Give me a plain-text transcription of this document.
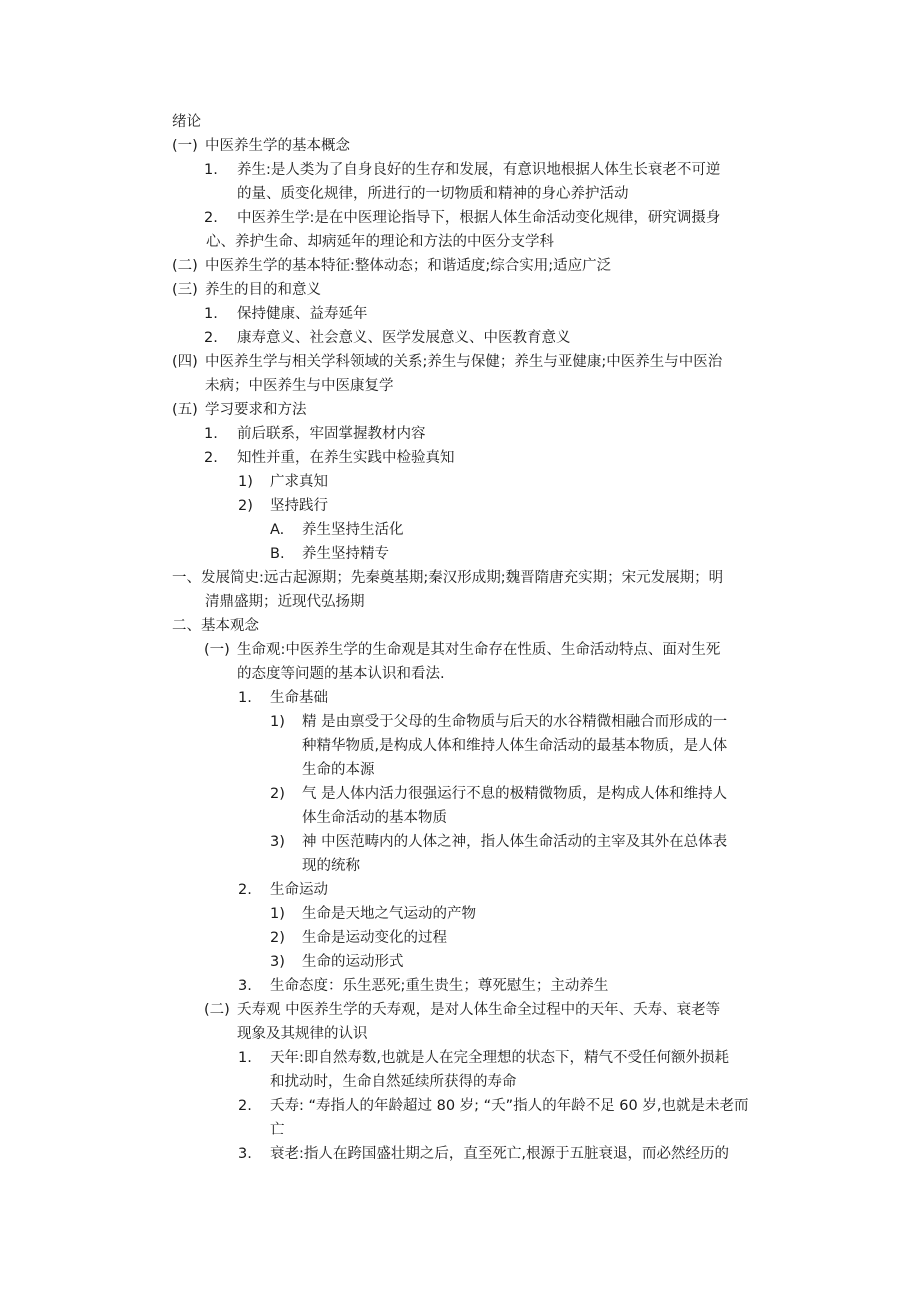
绪论
(一) 中医养生学的基本概念
1. 养生:是人类为了自身良好的生存和发展，有意识地根据人体生长衰老不可逆
的量、质变化规律，所进行的一切物质和精神的身心养护活动
2. 中医养生学:是在中医理论指导下，根据人体生命活动变化规律，研究调摄身
心、养护生命、却病延年的理论和方法的中医分支学科
(二) 中医养生学的基本特征:整体动态；和谐适度;综合实用;适应广泛
(三) 养生的目的和意义
1. 保持健康、益寿延年
2. 康寿意义、社会意义、医学发展意义、中医教育意义
(四) 中医养生学与相关学科领域的关系;养生与保健；养生与亚健康;中医养生与中医治
未病；中医养生与中医康复学
(五) 学习要求和方法
1. 前后联系，牢固掌握教材内容
2. 知性并重，在养生实践中检验真知
1) 广求真知
2) 坚持践行
A. 养生坚持生活化
B. 养生坚持精专
一、发展简史:远古起源期；先秦奠基期;秦汉形成期;魏晋隋唐充实期；宋元发展期；明
清鼎盛期；近现代弘扬期
二、基本观念
(一) 生命观:中医养生学的生命观是其对生命存在性质、生命活动特点、面对生死
的态度等问题的基本认识和看法.
1. 生命基础
1) 精 是由禀受于父母的生命物质与后天的水谷精微相融合而形成的一
种精华物质,是构成人体和维持人体生命活动的最基本物质，是人体
生命的本源
2) 气 是人体内活力很强运行不息的极精微物质，是构成人体和维持人
体生命活动的基本物质
3) 神 中医范畴内的人体之神，指人体生命活动的主宰及其外在总体表
现的统称
2. 生命运动
1) 生命是天地之气运动的产物
2) 生命是运动变化的过程
3) 生命的运动形式
3. 生命态度：乐生恶死;重生贵生；尊死慰生；主动养生
(二) 夭寿观 中医养生学的夭寿观，是对人体生命全过程中的天年、夭寿、衰老等
现象及其规律的认识
1. 天年:即自然寿数,也就是人在完全理想的状态下，精气不受任何额外损耗
和扰动时，生命自然延续所获得的寿命
2. 夭寿: “寿指人的年龄超过 80 岁; “夭”指人的年龄不足 60 岁,也就是未老而
亡
3. 衰老:指人在跨国盛壮期之后，直至死亡,根源于五脏衰退，而必然经历的
